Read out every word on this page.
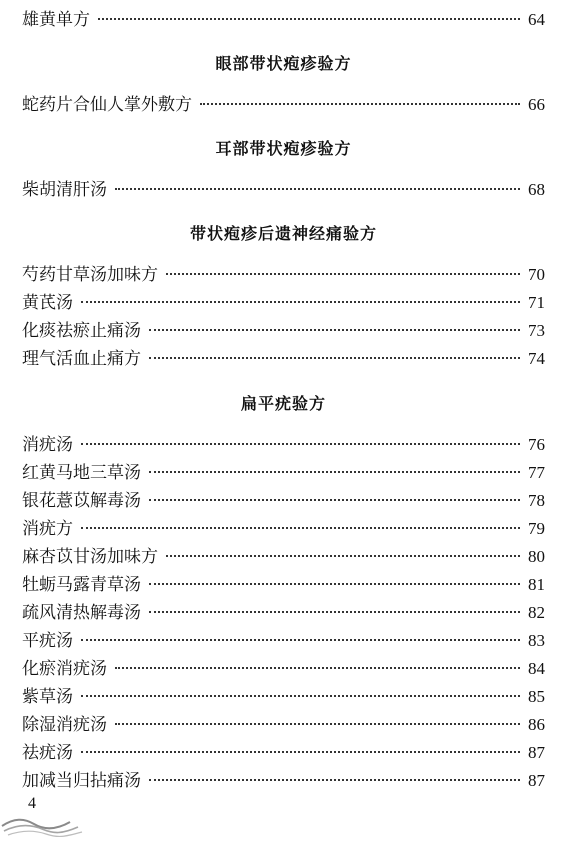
雄黄单方	64
眼部带状疱疹验方
蛇药片合仙人掌外敷方	66
耳部带状疱疹验方
柴胡清肝汤	68
带状疱疹后遗神经痛验方
芍药甘草汤加味方	70
黄芪汤	71
化痰祛瘀止痛汤	73
理气活血止痛方	74
扁平疣验方
消疣汤	76
红黄马地三草汤	77
银花薏苡解毒汤	78
消疣方	79
麻杏苡甘汤加味方	80
牡蛎马露青草汤	81
疏风清热解毒汤	82
平疣汤	83
化瘀消疣汤	84
紫草汤	85
除湿消疣汤	86
祛疣汤	87
加减当归拈痛汤	87
4
